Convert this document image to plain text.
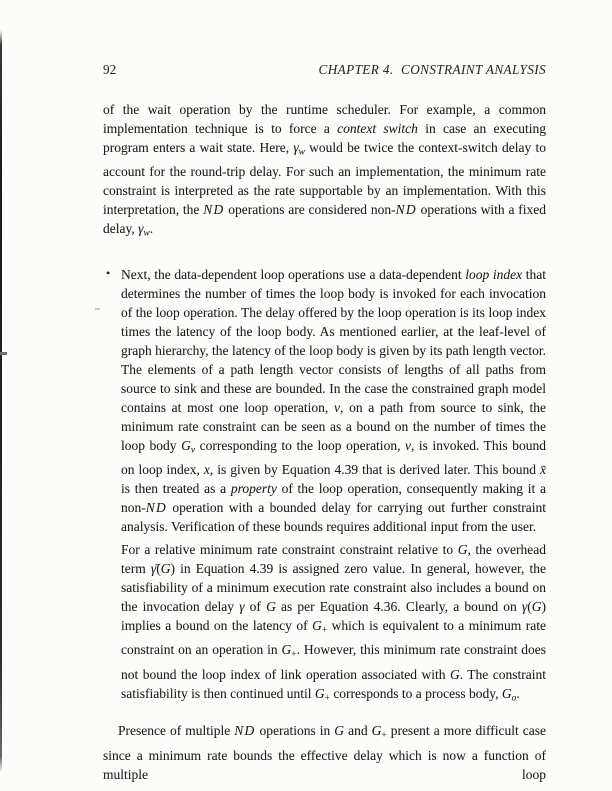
92	CHAPTER 4.  CONSTRAINT ANALYSIS

of the wait operation by the runtime scheduler. For example, a common implementation technique is to force a context switch in case an executing program enters a wait state. Here, γw would be twice the context-switch delay to account for the round-trip delay. For such an implementation, the minimum rate constraint is interpreted as the rate supportable by an implementation. With this interpretation, the ND operations are considered non-ND operations with a fixed delay, γw.

• Next, the data-dependent loop operations use a data-dependent loop index that determines the number of times the loop body is invoked for each invocation of the loop operation. The delay offered by the loop operation is its loop index times the latency of the loop body. As mentioned earlier, at the leaf-level of graph hierarchy, the latency of the loop body is given by its path length vector. The elements of a path length vector consists of lengths of all paths from source to sink and these are bounded. In the case the constrained graph model contains at most one loop operation, v, on a path from source to sink, the minimum rate constraint can be seen as a bound on the number of times the loop body Gv corresponding to the loop operation, v, is invoked. This bound on loop index, x, is given by Equation 4.39 that is derived later. This bound x̄ is then treated as a property of the loop operation, consequently making it a non-ND operation with a bounded delay for carrying out further constraint analysis. Verification of these bounds requires additional input from the user.

For a relative minimum rate constraint constraint relative to G, the overhead term γ̄(G) in Equation 4.39 is assigned zero value. In general, however, the satisfiability of a minimum execution rate constraint also includes a bound on the invocation delay γ of G as per Equation 4.36. Clearly, a bound on γ(G) implies a bound on the latency of G+ which is equivalent to a minimum rate constraint on an operation in G+. However, this minimum rate constraint does not bound the loop index of link operation associated with G. The constraint satisfiability is then continued until G+ corresponds to a process body, Go.

Presence of multiple ND operations in G and G+ present a more difficult case since a minimum rate bounds the effective delay which is now a function of multiple loop
